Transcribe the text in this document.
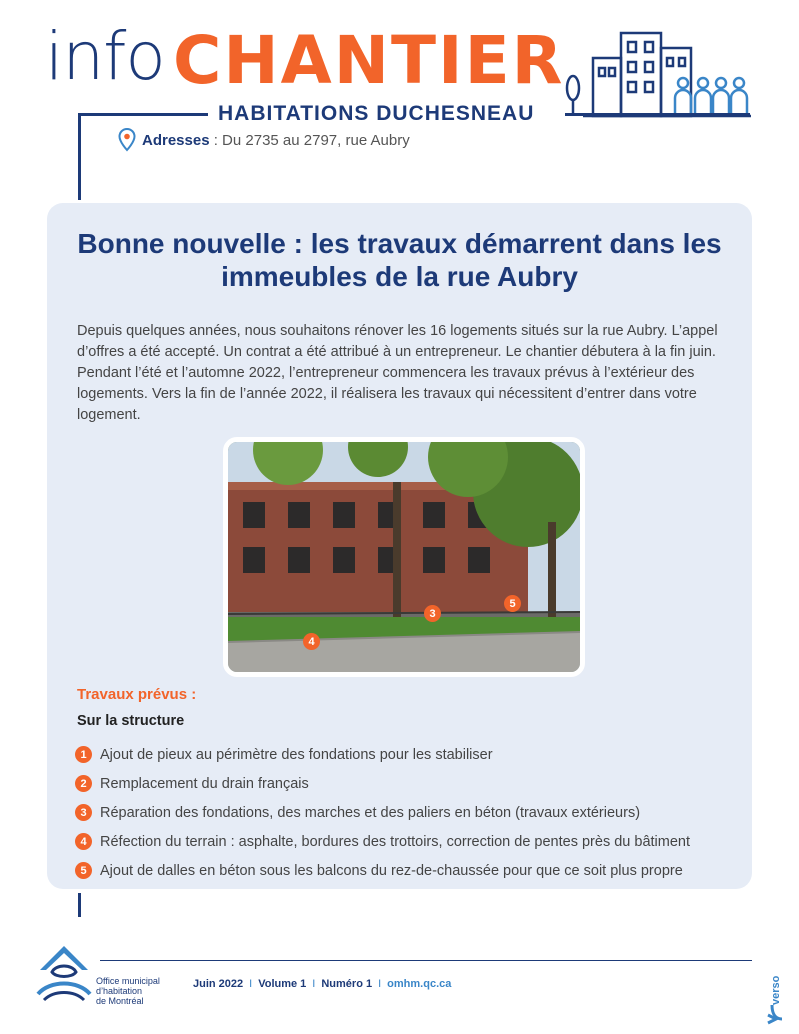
info CHANTIER
HABITATIONS DUCHESNEAU
Adresses : Du 2735 au 2797, rue Aubry
Bonne nouvelle : les travaux démarrent dans les immeubles de la rue Aubry

Depuis quelques années, nous souhaitons rénover les 16 logements situés sur la rue Aubry. L’appel d’offres a été accepté. Un contrat a été attribué à un entrepreneur. Le chantier débutera à la fin juin. Pendant l’été et l’automne 2022, l’entrepreneur commencera les travaux prévus à l’extérieur des logements. Vers la fin de l’année 2022, il réalisera les travaux qui nécessitent d’entrer dans votre logement.

3
4
5
Travaux prévus :
Sur la structure
1 Ajout de pieux au périmètre des fondations pour les stabiliser
2 Remplacement du drain français
3 Réparation des fondations, des marches et des paliers en béton (travaux extérieurs)
4 Réfection du terrain : asphalte, bordures des trottoirs, correction de pentes près du bâtiment
5 Ajout de dalles en béton sous les balcons du rez-de-chaussée pour que ce soit plus propre
Office municipal
d’habitation
de Montréal
Juin 2022 I Volume 1 I Numéro 1 I omhm.qc.ca	verso
